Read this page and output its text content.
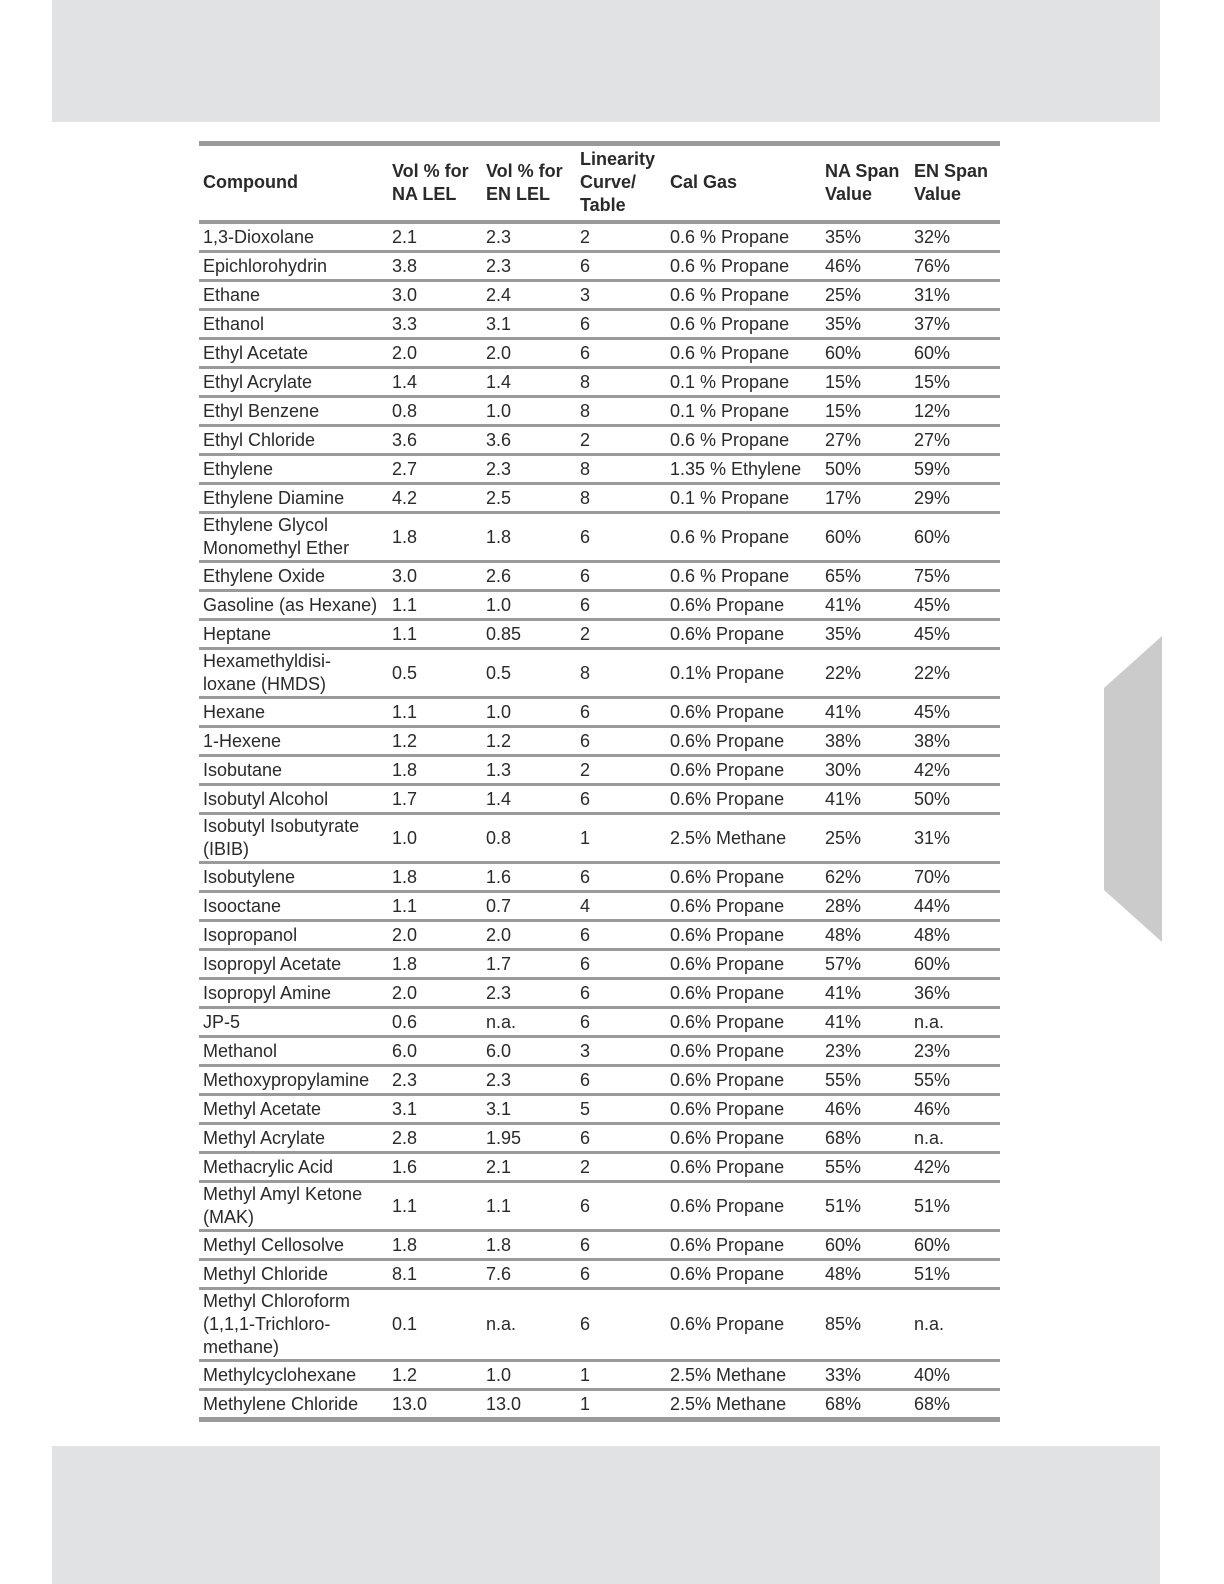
Compound	Vol % for NA LEL	Vol % for EN LEL	Linearity Curve/ Table	Cal Gas	NA Span Value	EN Span Value
1,3-Dioxolane	2.1	2.3	2	0.6 % Propane	35%	32%
Epichlorohydrin	3.8	2.3	6	0.6 % Propane	46%	76%
Ethane	3.0	2.4	3	0.6 % Propane	25%	31%
Ethanol	3.3	3.1	6	0.6 % Propane	35%	37%
Ethyl Acetate	2.0	2.0	6	0.6 % Propane	60%	60%
Ethyl Acrylate	1.4	1.4	8	0.1 % Propane	15%	15%
Ethyl Benzene	0.8	1.0	8	0.1 % Propane	15%	12%
Ethyl Chloride	3.6	3.6	2	0.6 % Propane	27%	27%
Ethylene	2.7	2.3	8	1.35 % Ethylene	50%	59%
Ethylene Diamine	4.2	2.5	8	0.1 % Propane	17%	29%
Ethylene Glycol Monomethyl Ether	1.8	1.8	6	0.6 % Propane	60%	60%
Ethylene Oxide	3.0	2.6	6	0.6 % Propane	65%	75%
Gasoline (as Hexane)	1.1	1.0	6	0.6% Propane	41%	45%
Heptane	1.1	0.85	2	0.6% Propane	35%	45%
Hexamethyldisi-loxane (HMDS)	0.5	0.5	8	0.1% Propane	22%	22%
Hexane	1.1	1.0	6	0.6% Propane	41%	45%
1-Hexene	1.2	1.2	6	0.6% Propane	38%	38%
Isobutane	1.8	1.3	2	0.6% Propane	30%	42%
Isobutyl Alcohol	1.7	1.4	6	0.6% Propane	41%	50%
Isobutyl Isobutyrate (IBIB)	1.0	0.8	1	2.5% Methane	25%	31%
Isobutylene	1.8	1.6	6	0.6% Propane	62%	70%
Isooctane	1.1	0.7	4	0.6% Propane	28%	44%
Isopropanol	2.0	2.0	6	0.6% Propane	48%	48%
Isopropyl Acetate	1.8	1.7	6	0.6% Propane	57%	60%
Isopropyl Amine	2.0	2.3	6	0.6% Propane	41%	36%
JP-5	0.6	n.a.	6	0.6% Propane	41%	n.a.
Methanol	6.0	6.0	3	0.6% Propane	23%	23%
Methoxypropylamine	2.3	2.3	6	0.6% Propane	55%	55%
Methyl Acetate	3.1	3.1	5	0.6% Propane	46%	46%
Methyl Acrylate	2.8	1.95	6	0.6% Propane	68%	n.a.
Methacrylic Acid	1.6	2.1	2	0.6% Propane	55%	42%
Methyl Amyl Ketone (MAK)	1.1	1.1	6	0.6% Propane	51%	51%
Methyl Cellosolve	1.8	1.8	6	0.6% Propane	60%	60%
Methyl Chloride	8.1	7.6	6	0.6% Propane	48%	51%
Methyl Chloroform (1,1,1-Trichloro-methane)	0.1	n.a.	6	0.6% Propane	85%	n.a.
Methylcyclohexane	1.2	1.0	1	2.5% Methane	33%	40%
Methylene Chloride	13.0	13.0	1	2.5% Methane	68%	68%
